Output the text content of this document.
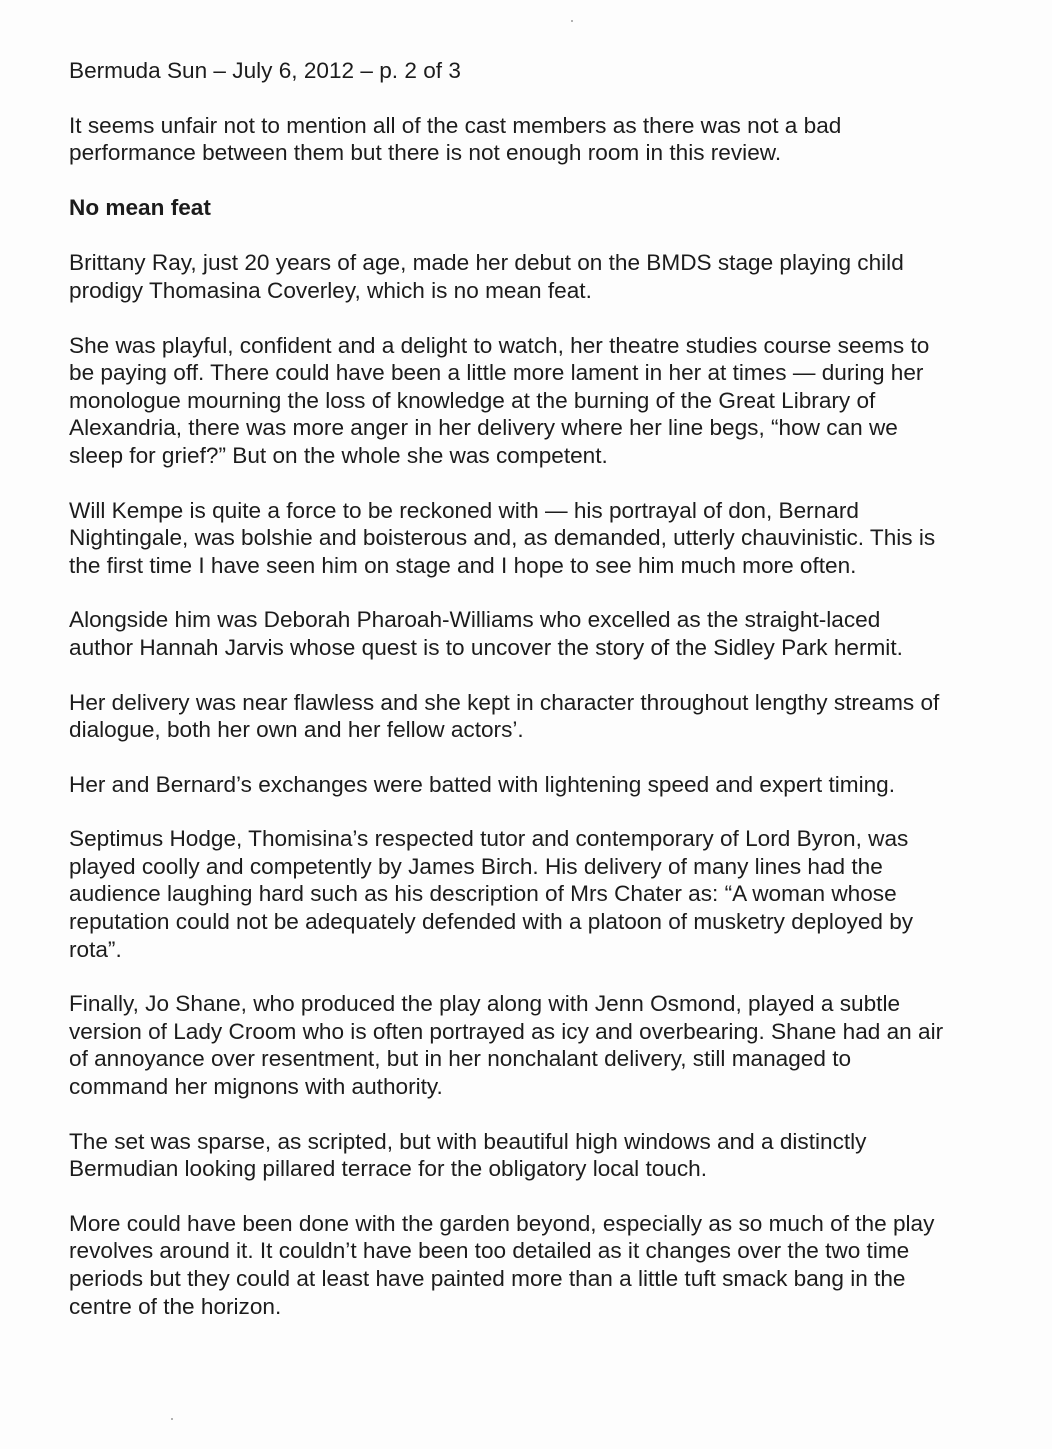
Bermuda Sun – July 6, 2012 – p. 2 of 3

It seems unfair not to mention all of the cast members as there was not a bad
performance between them but there is not enough room in this review.

No mean feat

Brittany Ray, just 20 years of age, made her debut on the BMDS stage playing child
prodigy Thomasina Coverley, which is no mean feat.

She was playful, confident and a delight to watch, her theatre studies course seems to
be paying off. There could have been a little more lament in her at times — during her
monologue mourning the loss of knowledge at the burning of the Great Library of
Alexandria, there was more anger in her delivery where her line begs, “how can we
sleep for grief?” But on the whole she was competent.

Will Kempe is quite a force to be reckoned with — his portrayal of don, Bernard
Nightingale, was bolshie and boisterous and, as demanded, utterly chauvinistic. This is
the first time I have seen him on stage and I hope to see him much more often.

Alongside him was Deborah Pharoah-Williams who excelled as the straight-laced
author Hannah Jarvis whose quest is to uncover the story of the Sidley Park hermit.

Her delivery was near flawless and she kept in character throughout lengthy streams of
dialogue, both her own and her fellow actors’.

Her and Bernard’s exchanges were batted with lightening speed and expert timing.

Septimus Hodge, Thomisina’s respected tutor and contemporary of Lord Byron, was
played coolly and competently by James Birch. His delivery of many lines had the
audience laughing hard such as his description of Mrs Chater as: “A woman whose
reputation could not be adequately defended with a platoon of musketry deployed by
rota”.

Finally, Jo Shane, who produced the play along with Jenn Osmond, played a subtle
version of Lady Croom who is often portrayed as icy and overbearing. Shane had an air
of annoyance over resentment, but in her nonchalant delivery, still managed to
command her mignons with authority.

The set was sparse, as scripted, but with beautiful high windows and a distinctly
Bermudian looking pillared terrace for the obligatory local touch.

More could have been done with the garden beyond, especially as so much of the play
revolves around it. It couldn’t have been too detailed as it changes over the two time
periods but they could at least have painted more than a little tuft smack bang in the
centre of the horizon.
